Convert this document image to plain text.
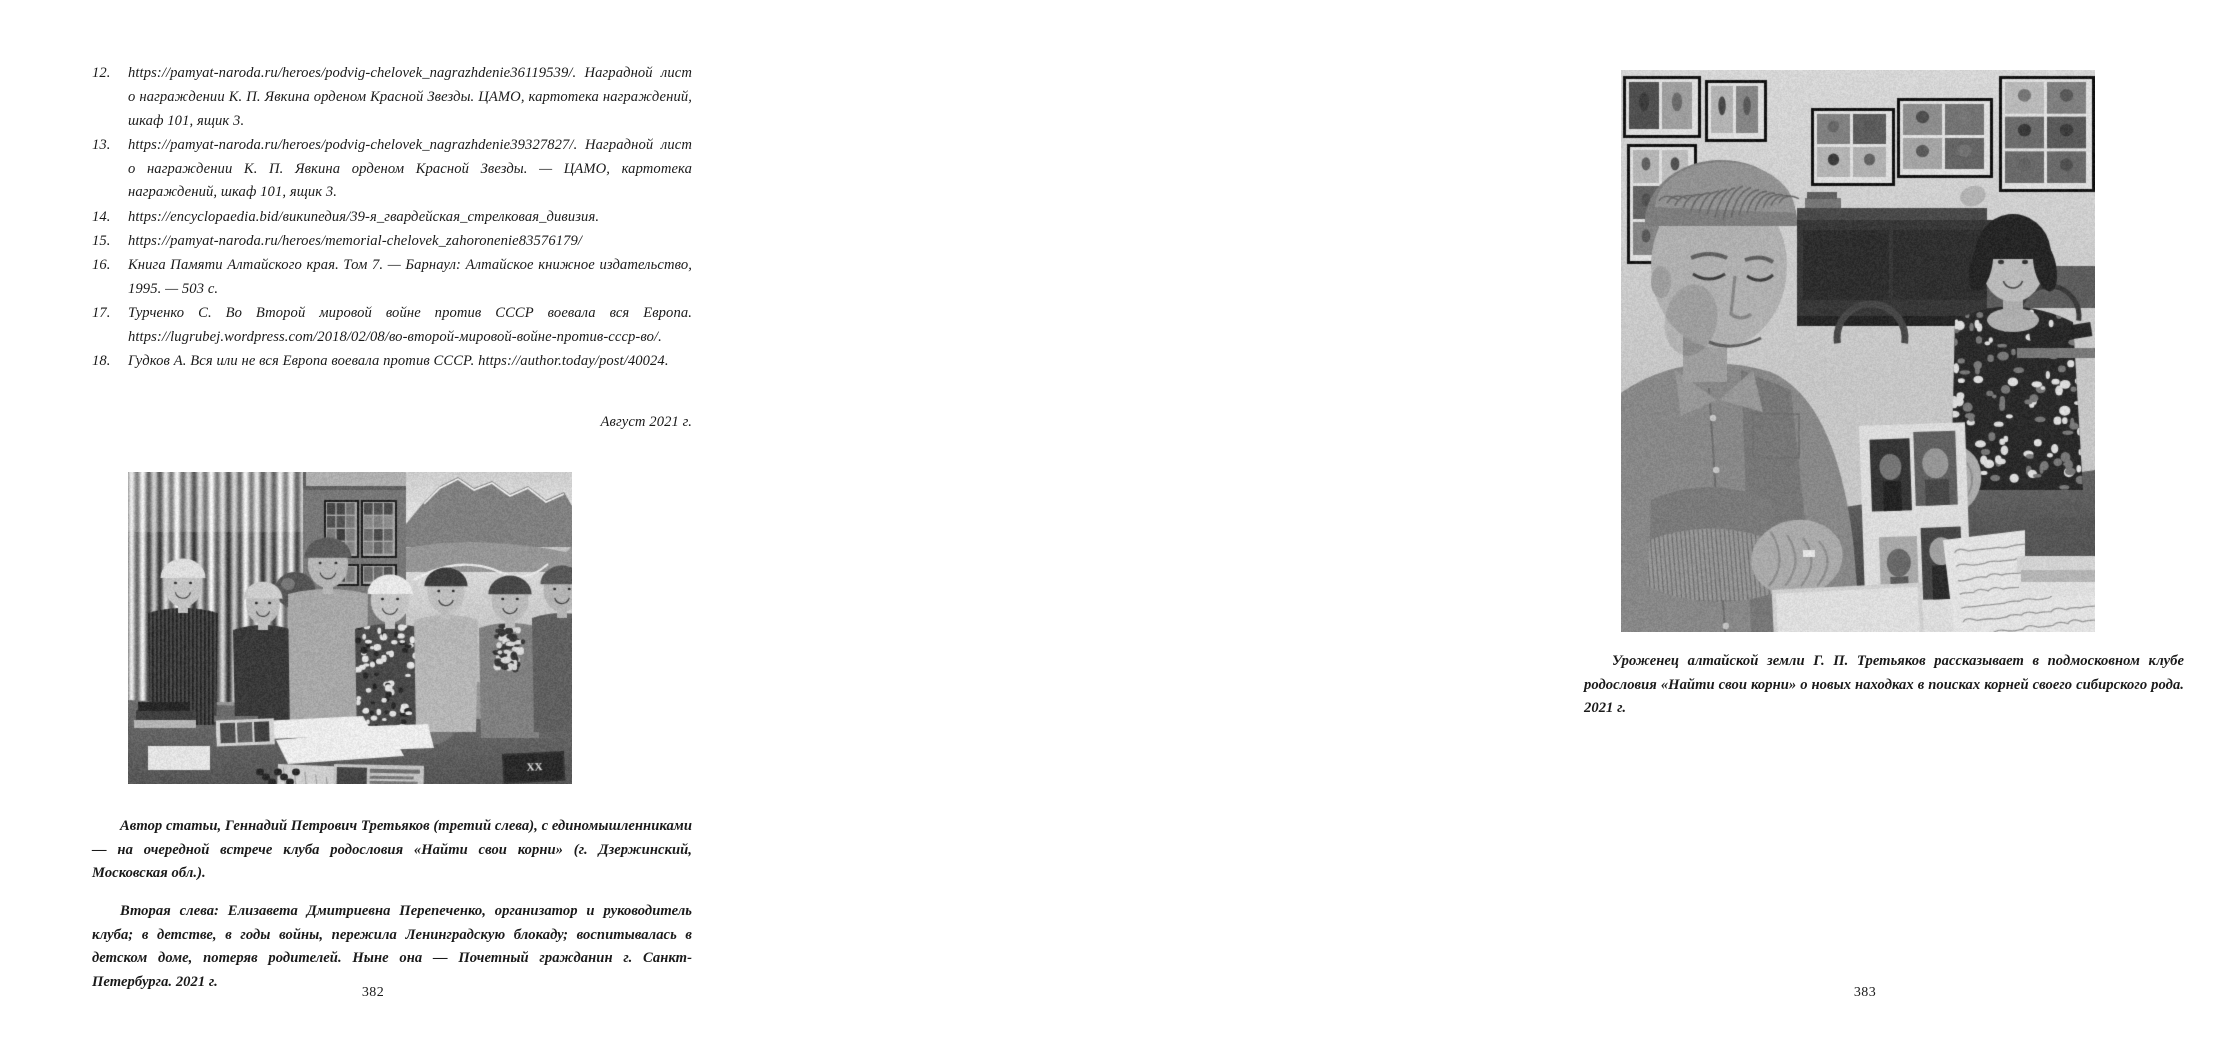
12.	https://pamyat-naroda.ru/heroes/podvig-chelovek_nagrazhdenie36119539/. Наградной лист о награждении К. П. Явкина орденом Красной Звезды. ЦАМО, картотека награждений, шкаф 101, ящик 3.
13.	https://pamyat-naroda.ru/heroes/podvig-chelovek_nagrazhdenie39327827/. Наградной лист о награждении К. П. Явкина орденом Красной Звезды. — ЦАМО, картотека награждений, шкаф 101, ящик 3.
14.	https://encyclopaedia.bid/википедия/39-я_гвардейская_стрелковая_дивизия.
15.	https://pamyat-naroda.ru/heroes/memorial-chelovek_zahoronenie83576179/
16.	Книга Памяти Алтайского края. Том 7. — Барнаул: Алтайское книжное издательство, 1995. — 503 с.
17.	Турченко С. Во Второй мировой войне против СССР воевала вся Европа. https://lugrubej.wordpress.com/2018/02/08/во-второй-мировой-войне-против-ссср-во/.
18.	Гудков А. Вся или не вся Европа воевала против СССР. https://author.today/post/40024.
Август 2021 г.

Автор статьи, Геннадий Петрович Третьяков (третий слева), с единомышленниками — на очередной встрече клуба родословия «Найти свои корни» (г. Дзержинский, Московская обл.).

Вторая слева: Елизавета Дмитриевна Перепеченко, организатор и руководитель клуба; в детстве, в годы войны, пережила Ленинградскую блокаду; воспитывалась в детском доме, потеряв родителей. Ныне она — Почетный гражданин г. Санкт-Петербурга. 2021 г.

382

Уроженец алтайской земли Г. П. Третьяков рассказывает в подмосковном клубе родословия «Найти свои корни» о новых находках в поисках корней своего сибирского рода. 2021 г.

383
